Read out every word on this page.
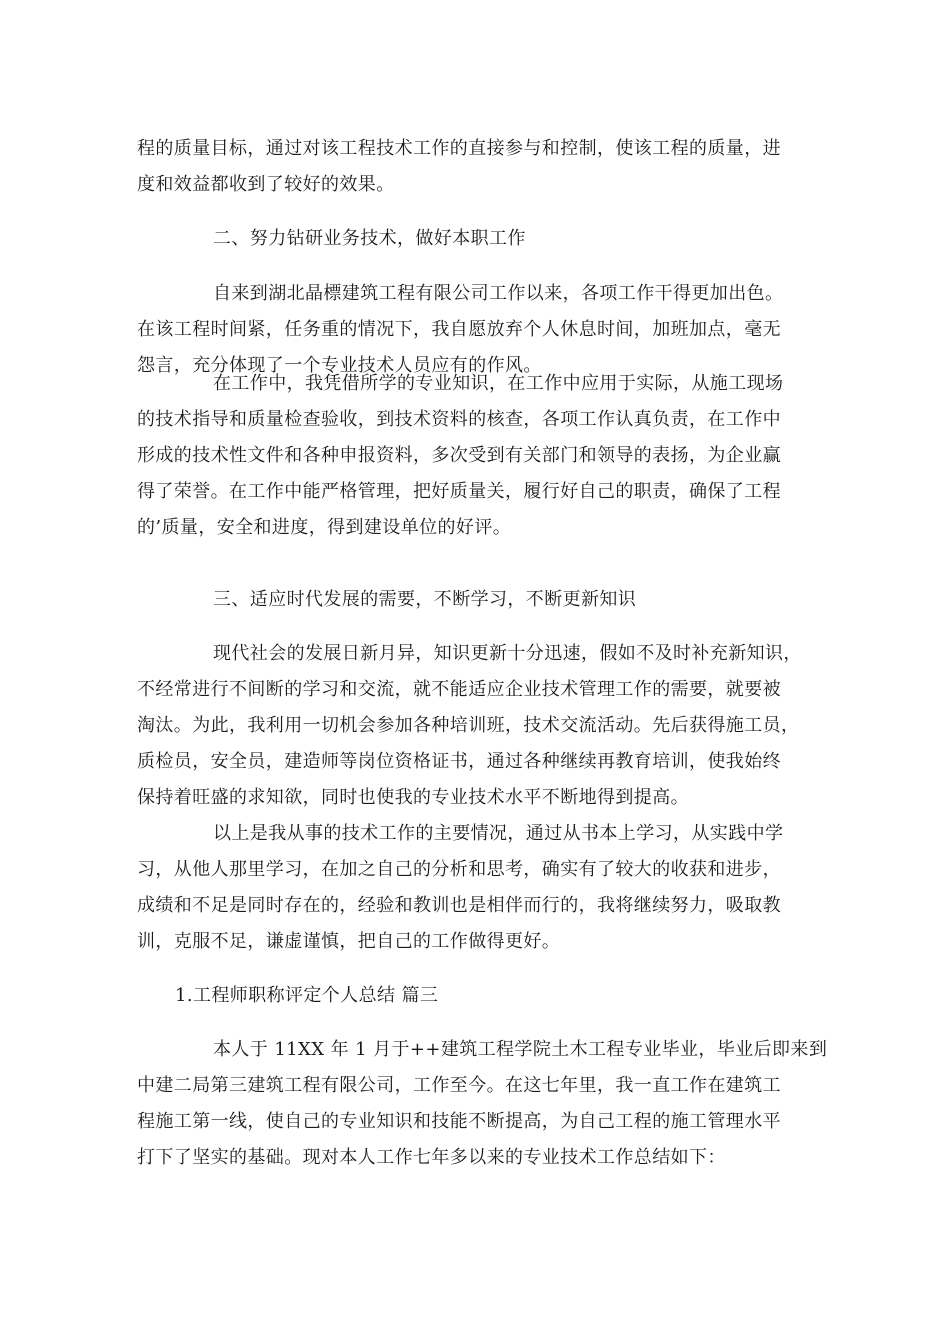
程的质量目标，通过对该工程技术工作的直接参与和控制，使该工程的质量，进
度和效益都收到了较好的效果。
二、努力钻研业务技术，做好本职工作
自来到湖北晶標建筑工程有限公司工作以来，各项工作干得更加出色。
在该工程时间紧，任务重的情况下，我自愿放弃个人休息时间，加班加点，毫无
怨言，充分体现了一个专业技术人员应有的作风。
在工作中，我凭借所学的专业知识，在工作中应用于实际，从施工现场
的技术指导和质量检查验收，到技术资料的核查，各项工作认真负责，在工作中
形成的技术性文件和各种申报资料，多次受到有关部门和领导的表扬，为企业赢
得了荣誉。在工作中能严格管理，把好质量关，履行好自己的职责，确保了工程
的’质量，安全和进度，得到建设单位的好评。
三、适应时代发展的需要，不断学习，不断更新知识
现代社会的发展日新月异，知识更新十分迅速，假如不及时补充新知识，
不经常进行不间断的学习和交流，就不能适应企业技术管理工作的需要，就要被
淘汰。为此，我利用一切机会参加各种培训班，技术交流活动。先后获得施工员，
质检员，安全员，建造师等岗位资格证书，通过各种继续再教育培训，使我始终
保持着旺盛的求知欲，同时也使我的专业技术水平不断地得到提高。
以上是我从事的技术工作的主要情况，通过从书本上学习，从实践中学
习，从他人那里学习，在加之自己的分析和思考，确实有了较大的收获和进步，
成绩和不足是同时存在的，经验和教训也是相伴而行的，我将继续努力，吸取教
训，克服不足，谦虚谨慎，把自己的工作做得更好。
1.工程师职称评定个人总结 篇三
本人于 11XX 年 1 月于++建筑工程学院土木工程专业毕业，毕业后即来到
中建二局第三建筑工程有限公司，工作至今。在这七年里，我一直工作在建筑工
程施工第一线，使自己的专业知识和技能不断提高，为自己工程的施工管理水平
打下了坚实的基础。现对本人工作七年多以来的专业技术工作总结如下：
